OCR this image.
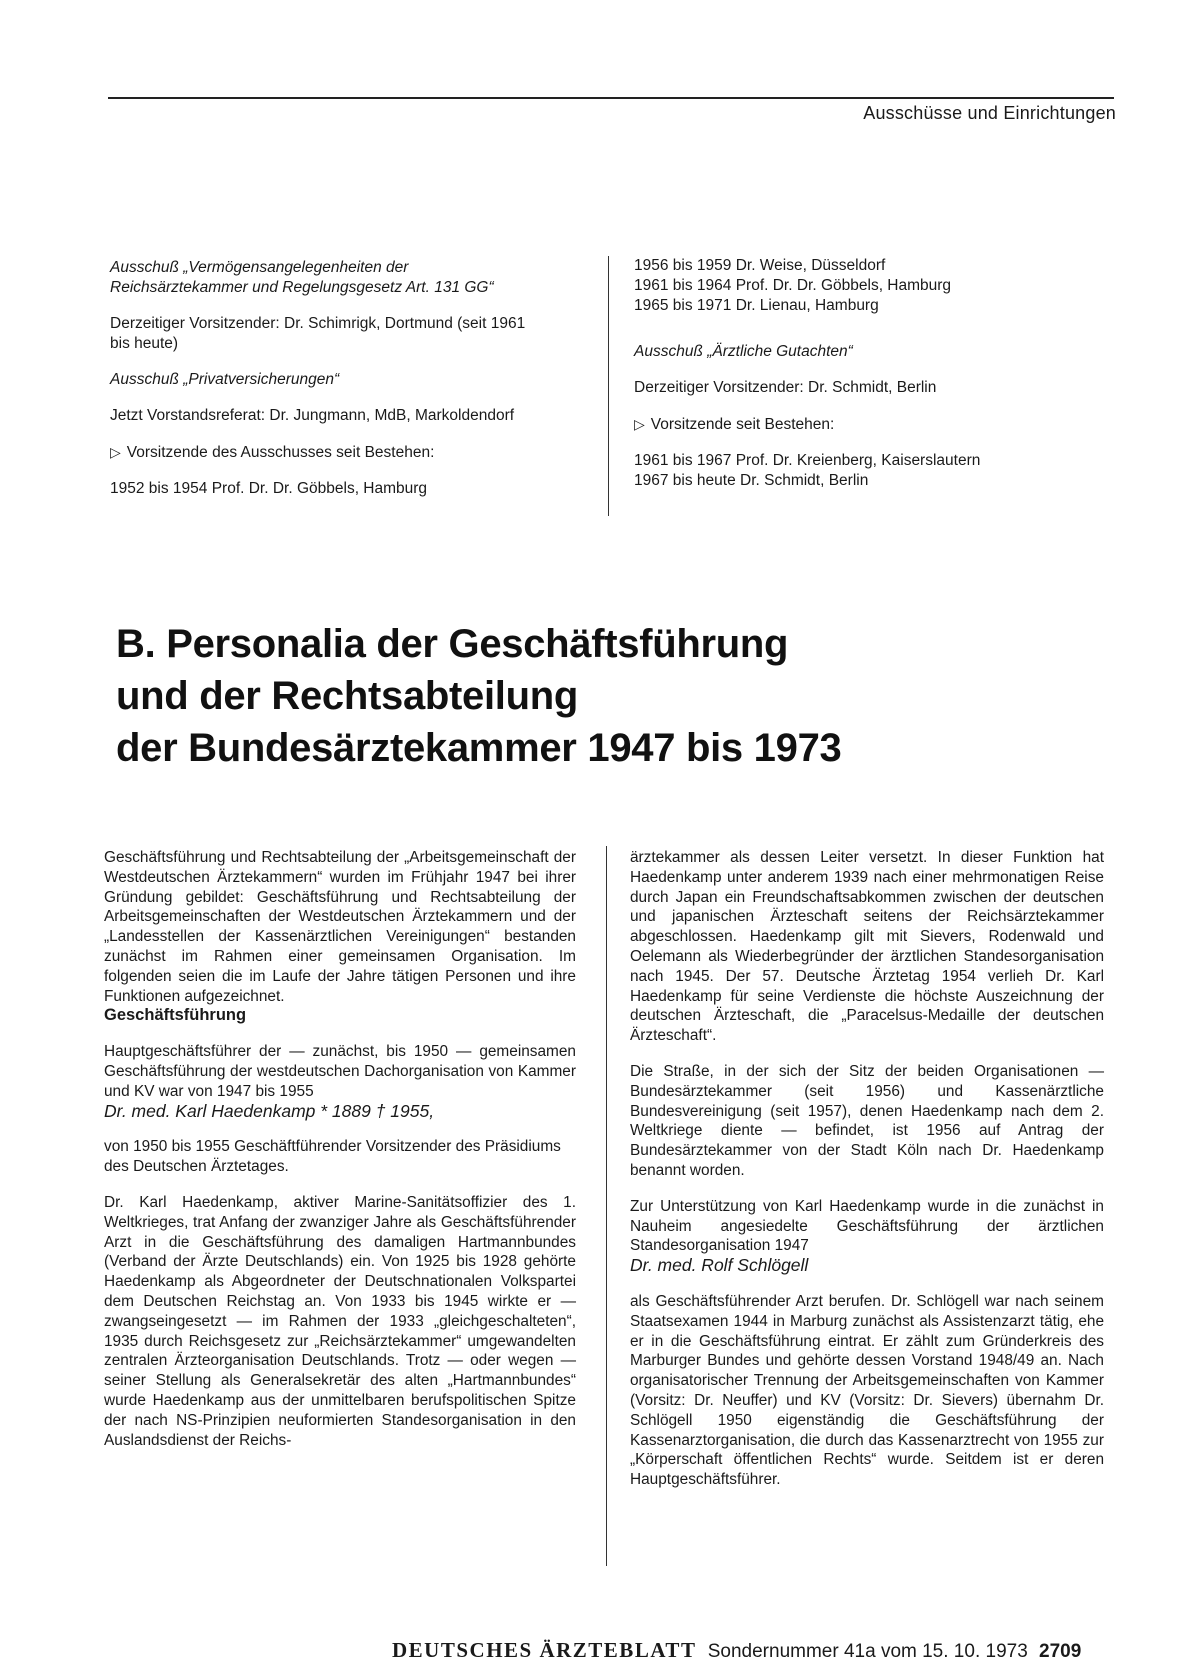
Ausschüsse und Einrichtungen

Ausschuß „Vermögensangelegenheiten der

Reichsärztekammer und Regelungsgesetz Art. 131 GG“

Derzeitiger Vorsitzender: Dr. Schimrigk, Dortmund (seit 1961

bis heute)

Ausschuß „Privatversicherungen“

Jetzt Vorstandsreferat: Dr. Jungmann, MdB, Markoldendorf

▷ Vorsitzende des Ausschusses seit Bestehen:

1952 bis 1954 Prof. Dr. Dr. Göbbels, Hamburg

1956 bis 1959 Dr. Weise, Düsseldorf

1961 bis 1964 Prof. Dr. Dr. Göbbels, Hamburg

1965 bis 1971 Dr. Lienau, Hamburg

Ausschuß „Ärztliche Gutachten“

Derzeitiger Vorsitzender: Dr. Schmidt, Berlin

▷ Vorsitzende seit Bestehen:

1961 bis 1967 Prof. Dr. Kreienberg, Kaiserslautern

1967 bis heute Dr. Schmidt, Berlin

B. Personalia der Geschäftsführung
und der Rechtsabteilung
der Bundesärztekammer 1947 bis 1973

Geschäftsführung und Rechtsabteilung der „Arbeitsgemeinschaft der Westdeutschen Ärztekammern“ wurden im Frühjahr 1947 bei ihrer Gründung gebildet: Geschäftsführung und Rechtsabteilung der Arbeitsgemeinschaften der Westdeutschen Ärztekammern und der „Landesstellen der Kassenärztlichen Vereinigungen“ bestanden zunächst im Rahmen einer gemeinsamen Organisation. Im folgenden seien die im Laufe der Jahre tätigen Personen und ihre Funktionen aufgezeichnet.

Geschäftsführung

Hauptgeschäftsführer der — zunächst, bis 1950 — gemeinsamen Geschäftsführung der westdeutschen Dachorganisation von Kammer und KV war von 1947 bis 1955

Dr. med. Karl Haedenkamp * 1889 † 1955,

von 1950 bis 1955 Geschäftführender Vorsitzender des Präsidiums des Deutschen Ärztetages.

Dr. Karl Haedenkamp, aktiver Marine-Sanitätsoffizier des 1. Weltkrieges, trat Anfang der zwanziger Jahre als Geschäftsführender Arzt in die Geschäftsführung des damaligen Hartmannbundes (Verband der Ärzte Deutschlands) ein. Von 1925 bis 1928 gehörte Haedenkamp als Abgeordneter der Deutschnationalen Volkspartei dem Deutschen Reichstag an. Von 1933 bis 1945 wirkte er — zwangseingesetzt — im Rahmen der 1933 „gleichgeschalteten“, 1935 durch Reichsgesetz zur „Reichsärztekammer“ umgewandelten zentralen Ärzteorganisation Deutschlands. Trotz — oder wegen — seiner Stellung als Generalsekretär des alten „Hartmannbundes“ wurde Haedenkamp aus der unmittelbaren berufspolitischen Spitze der nach NS-Prinzipien neuformierten Standesorganisation in den Auslandsdienst der Reichs-

ärztekammer als dessen Leiter versetzt. In dieser Funktion hat Haedenkamp unter anderem 1939 nach einer mehrmonatigen Reise durch Japan ein Freundschaftsabkommen zwischen der deutschen und japanischen Ärzteschaft seitens der Reichsärztekammer abgeschlossen. Haedenkamp gilt mit Sievers, Rodenwald und Oelemann als Wiederbegründer der ärztlichen Standesorganisation nach 1945. Der 57. Deutsche Ärztetag 1954 verlieh Dr. Karl Haedenkamp für seine Verdienste die höchste Auszeichnung der deutschen Ärzteschaft, die „Paracelsus-Medaille der deutschen Ärzteschaft“.

Die Straße, in der sich der Sitz der beiden Organisationen — Bundesärztekammer (seit 1956) und Kassenärztliche Bundesvereinigung (seit 1957), denen Haedenkamp nach dem 2. Weltkriege diente — befindet, ist 1956 auf Antrag der Bundesärztekammer von der Stadt Köln nach Dr. Haedenkamp benannt worden.

Zur Unterstützung von Karl Haedenkamp wurde in die zunächst in Nauheim angesiedelte Geschäftsführung der ärztlichen Standesorganisation 1947

Dr. med. Rolf Schlögell

als Geschäftsführender Arzt berufen. Dr. Schlögell war nach seinem Staatsexamen 1944 in Marburg zunächst als Assistenzarzt tätig, ehe er in die Geschäftsführung eintrat. Er zählt zum Gründerkreis des Marburger Bundes und gehörte dessen Vorstand 1948/49 an. Nach organisatorischer Trennung der Arbeitsgemeinschaften von Kammer (Vorsitz: Dr. Neuffer) und KV (Vorsitz: Dr. Sievers) übernahm Dr. Schlögell 1950 eigenständig die Geschäftsführung der Kassenarztorganisation, die durch das Kassenarztrecht von 1955 zur „Körperschaft öffentlichen Rechts“ wurde. Seitdem ist er deren Hauptgeschäftsführer.

DEUTSCHES ÄRZTEBLATT Sondernummer 41a vom 15. 10. 1973 2709
